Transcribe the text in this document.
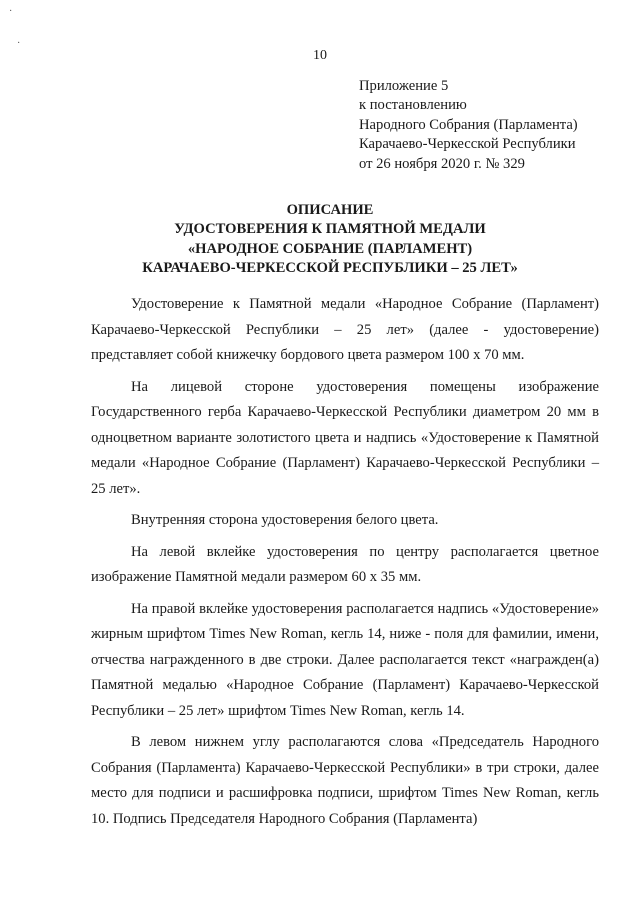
·
·
10
Приложение 5
к постановлению
Народного Собрания (Парламента)
Карачаево-Черкесской Республики
от 26 ноября 2020 г. № 329
ОПИСАНИЕ
УДОСТОВЕРЕНИЯ К ПАМЯТНОЙ МЕДАЛИ
«НАРОДНОЕ СОБРАНИЕ (ПАРЛАМЕНТ)
КАРАЧАЕВО-ЧЕРКЕССКОЙ РЕСПУБЛИКИ – 25 ЛЕТ»

Удостоверение к Памятной медали «Народное Собрание (Парламент) Карачаево-Черкесской Республики – 25 лет» (далее - удостоверение) представляет собой книжечку бордового цвета размером 100 х 70 мм.

На лицевой стороне удостоверения помещены изображение Государственного герба Карачаево-Черкесской Республики диаметром 20 мм в одноцветном варианте золотистого цвета и надпись «Удостоверение к Памятной медали «Народное Собрание (Парламент) Карачаево-Черкесской Республики – 25 лет».

Внутренняя сторона удостоверения белого цвета.

На левой вклейке удостоверения по центру располагается цветное изображение Памятной медали размером 60 х 35 мм.

На правой вклейке удостоверения располагается надпись «Удостоверение» жирным шрифтом Times New Roman, кегль 14, ниже - поля для фамилии, имени, отчества награжденного в две строки. Далее располагается текст «награжден(а) Памятной медалью «Народное Собрание (Парламент) Карачаево-Черкесской Республики – 25 лет» шрифтом Times New Roman, кегль 14.

В левом нижнем углу располагаются слова «Председатель Народного Собрания (Парламента) Карачаево-Черкесской Республики» в три строки, далее место для подписи и расшифровка подписи, шрифтом Times New Roman, кегль 10. Подпись Председателя Народного Собрания (Парламента)
